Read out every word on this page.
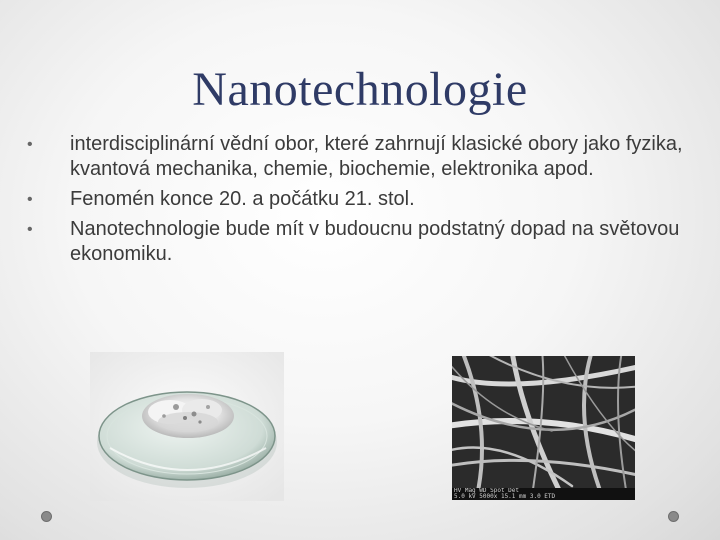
Nanotechnologie
• interdisciplinární vědní obor, které zahrnují klasické obory jako fyzika, kvantová mechanika, chemie, biochemie, elektronika apod.
• Fenomén konce 20. a počátku 21. stol.
• Nanotechnologie bude mít v budoucnu podstatný dopad na světovou ekonomiku.
HV Mag WD Spot Det
5.0 kV 5000x 15.1 mm 3.0 ETD
